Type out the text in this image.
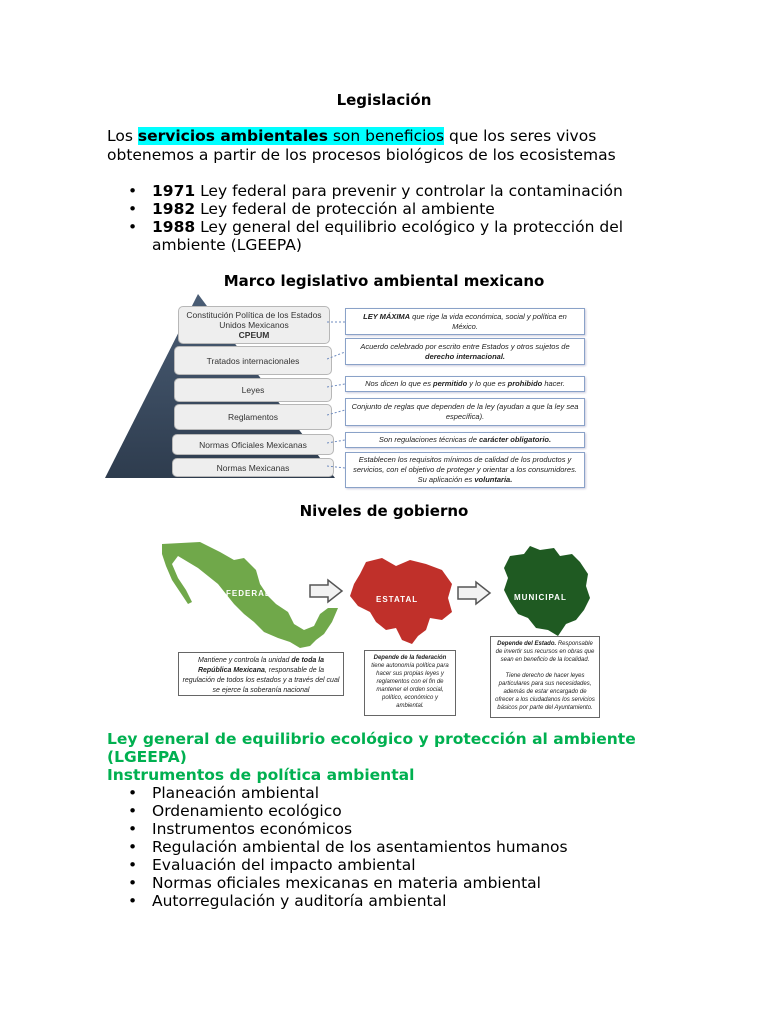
Legislación
Los servicios ambientales son beneficios que los seres vivos obtenemos a partir de los procesos biológicos de los ecosistemas
• 1971 Ley federal para prevenir y controlar la contaminación
• 1982 Ley federal de protección al ambiente
• 1988 Ley general del equilibrio ecológico y la protección del ambiente (LGEEPA)
Marco legislativo ambiental mexicano
Constitución Política de los Estados Unidos Mexicanos
CPEUM
Tratados internacionales
Leyes
Reglamentos
Normas Oficiales Mexicanas
Normas Mexicanas
LEY MÁXIMA que rige la vida económica, social y política en México.
Acuerdo celebrado por escrito entre Estados y otros sujetos de derecho internacional.
Nos dicen lo que es permitido y lo que es prohibido hacer.
Conjunto de reglas que dependen de la ley (ayudan a que la ley sea específica).
Son regulaciones técnicas de carácter obligatorio.
Establecen los requisitos mínimos de calidad de los productos y servicios, con el objetivo de proteger y orientar a los consumidores. Su aplicación es voluntaria.
Niveles de gobierno
FEDERAL
ESTATAL	MUNICIPAL
Mantiene y controla la unidad de toda la República Mexicana, responsable de la regulación de todos los estados y a través del cual se ejerce la soberanía nacional
Depende de la federación tiene autonomía política para hacer sus propias leyes y reglamentos con el fin de mantener el orden social, político, económico y ambiental.
Depende del Estado. Responsable de invertir sus recursos en obras que sean en beneficio de la localidad.

Tiene derecho de hacer leyes particulares para sus necesidades, además de estar encargado de ofrecer a los ciudadanos los servicios básicos por parte del Ayuntamiento.
Ley general de equilibrio ecológico y protección al ambiente (LGEEPA)
Instrumentos de política ambiental
• Planeación ambiental
• Ordenamiento ecológico
• Instrumentos económicos
• Regulación ambiental de los asentamientos humanos
• Evaluación del impacto ambiental
• Normas oficiales mexicanas en materia ambiental
• Autorregulación y auditoría ambiental
